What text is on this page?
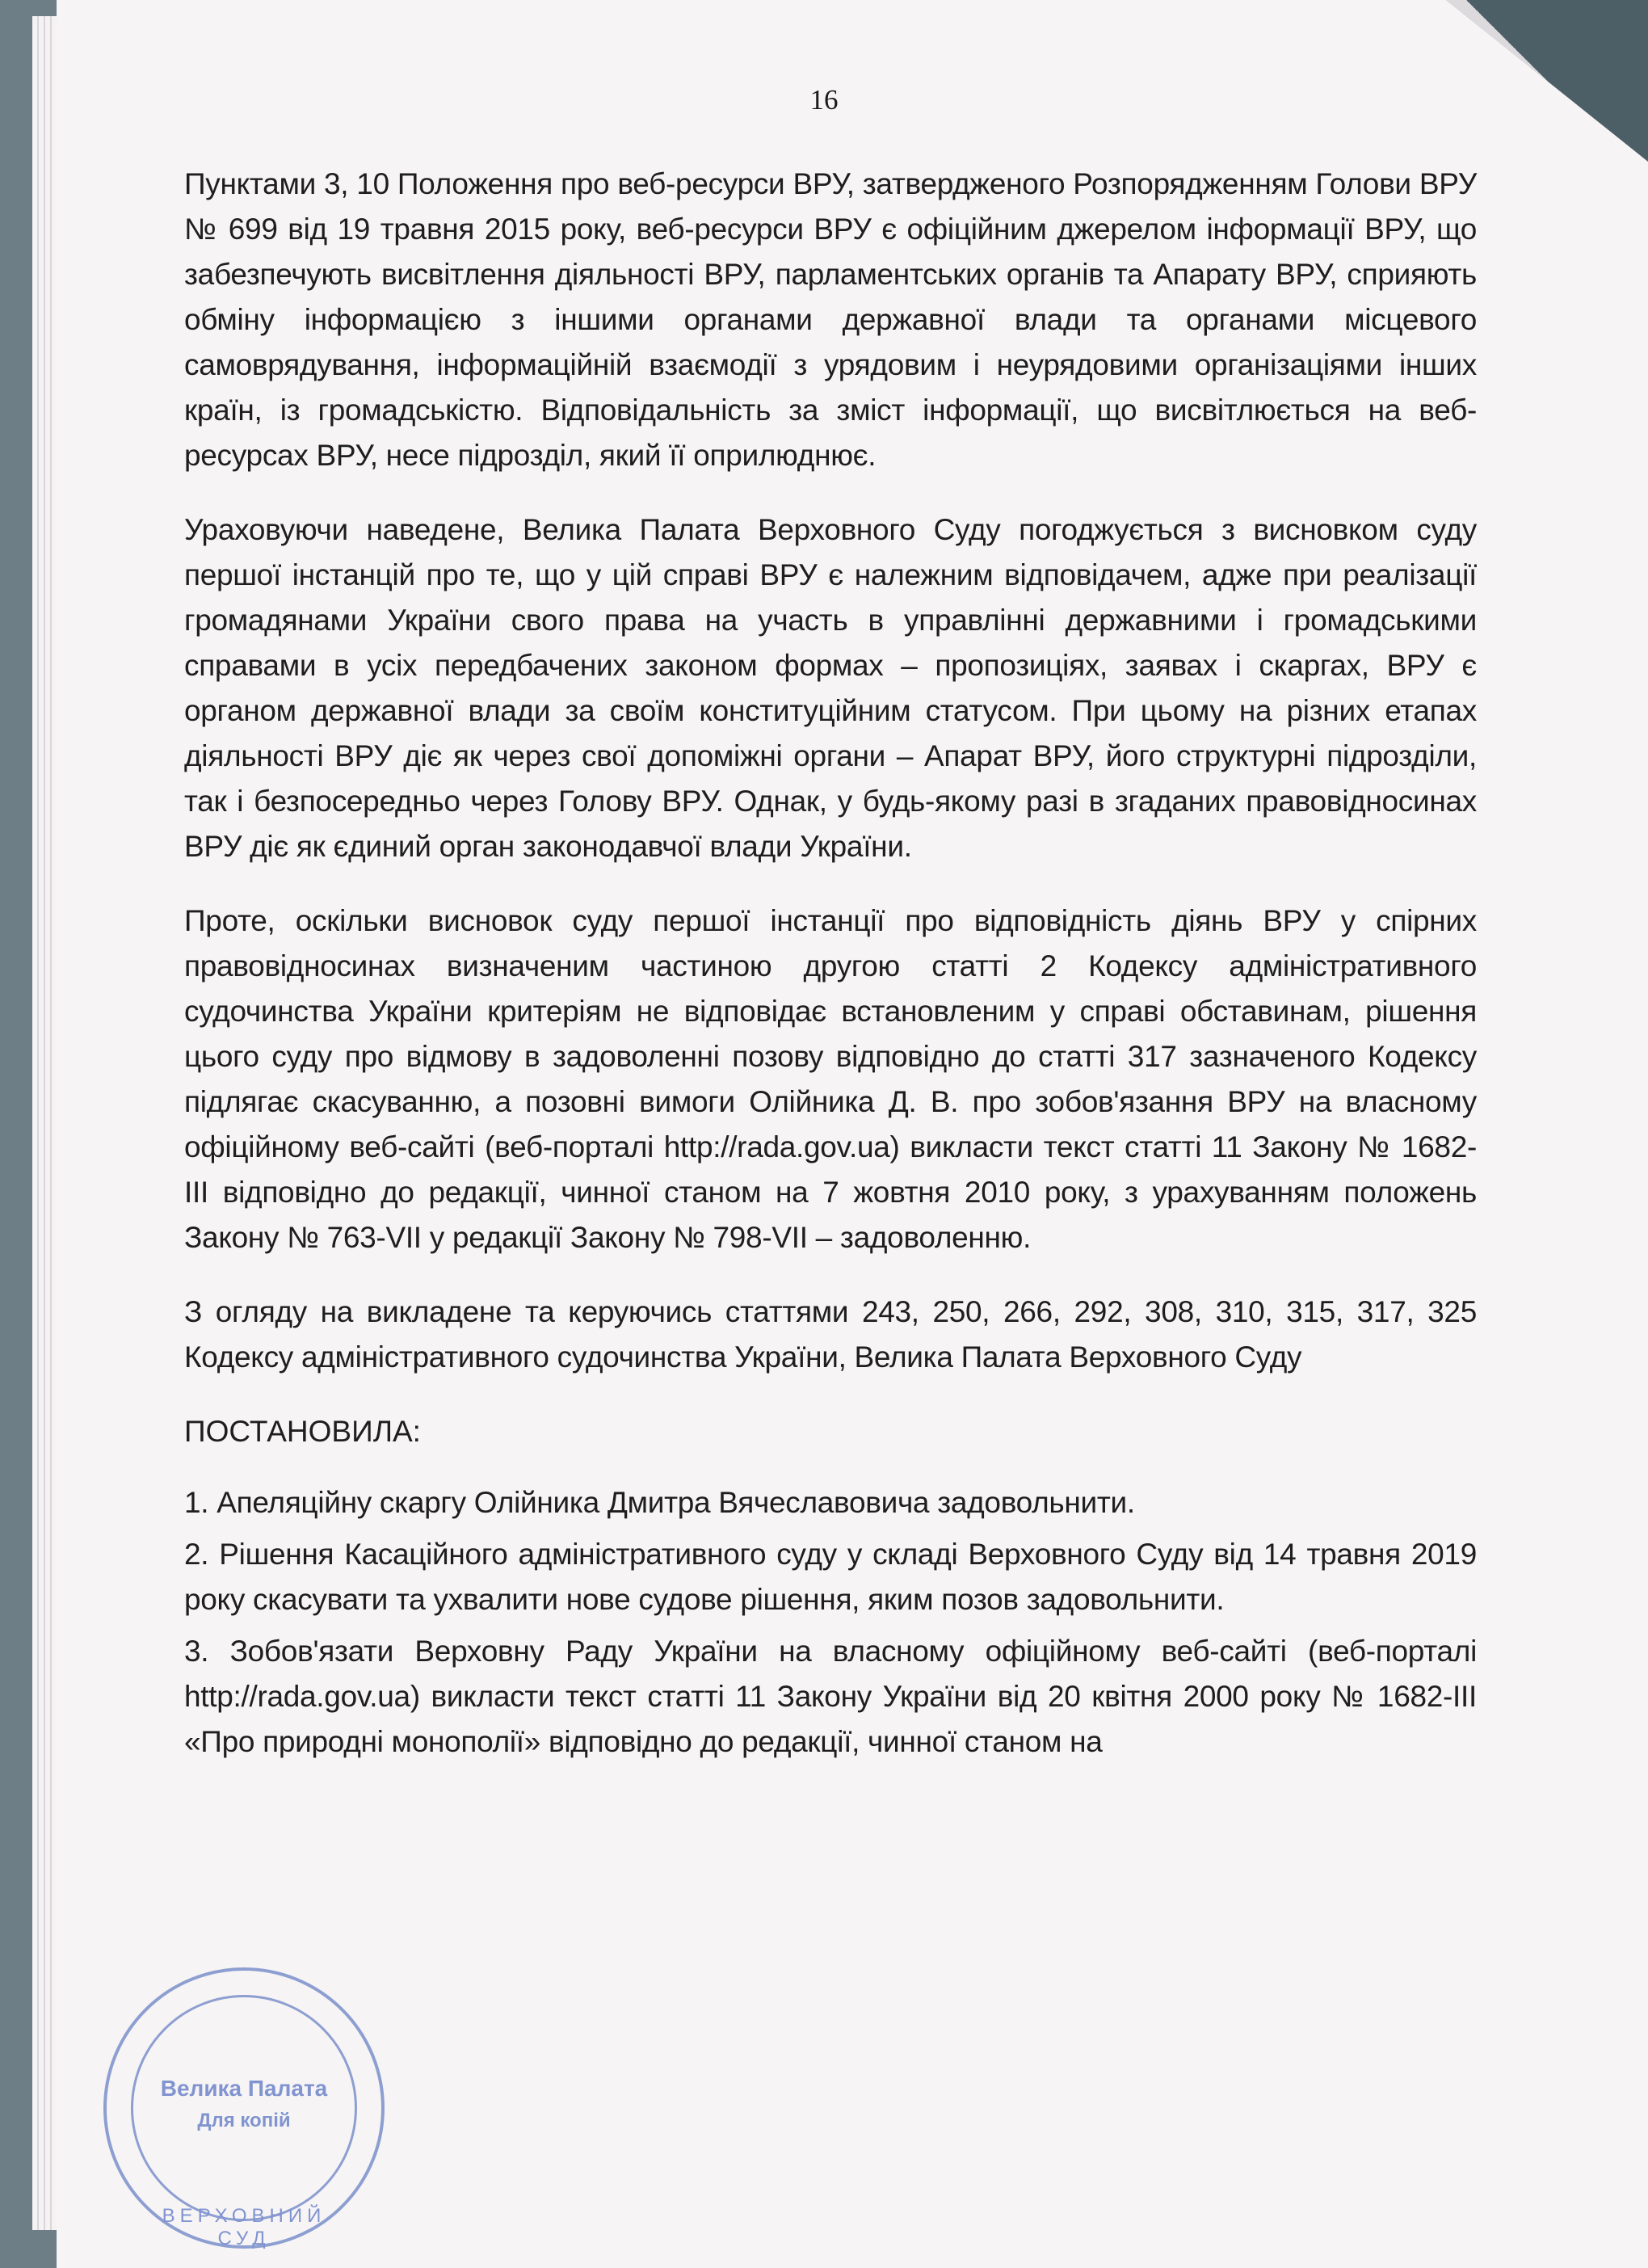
16

Пунктами 3, 10 Положення про веб-ресурси ВРУ, затвердженого Розпорядженням Голови ВРУ № 699 від 19 травня 2015 року, веб-ресурси ВРУ є офіційним джерелом інформації ВРУ, що забезпечують висвітлення діяльності ВРУ, парламентських органів та Апарату ВРУ, сприяють обміну інформацією з іншими органами державної влади та органами місцевого самоврядування, інформаційній взаємодії з урядовим і неурядовими організаціями інших країн, із громадськістю. Відповідальність за зміст інформації, що висвітлюється на веб-ресурсах ВРУ, несе підрозділ, який її оприлюднює.

Ураховуючи наведене, Велика Палата Верховного Суду погоджується з висновком суду першої інстанцій про те, що у цій справі ВРУ є належним відповідачем, адже при реалізації громадянами України свого права на участь в управлінні державними і громадськими справами в усіх передбачених законом формах – пропозиціях, заявах і скаргах, ВРУ є органом державної влади за своїм конституційним статусом. При цьому на різних етапах діяльності ВРУ діє як через свої допоміжні органи – Апарат ВРУ, його структурні підрозділи, так і безпосередньо через Голову ВРУ. Однак, у будь-якому разі в згаданих правовідносинах ВРУ діє як єдиний орган законодавчої влади України.

Проте, оскільки висновок суду першої інстанції про відповідність діянь ВРУ у спірних правовідносинах визначеним частиною другою статті 2 Кодексу адміністративного судочинства України критеріям не відповідає встановленим у справі обставинам, рішення цього суду про відмову в задоволенні позову відповідно до статті 317 зазначеного Кодексу підлягає скасуванню, а позовні вимоги Олійника Д. В. про зобов'язання ВРУ на власному офіційному веб-сайті (веб-порталі http://rada.gov.ua) викласти текст статті 11 Закону № 1682-ІІІ відповідно до редакції, чинної станом на 7 жовтня 2010 року, з урахуванням положень Закону № 763-VII у редакції Закону № 798-VII – задоволенню.

З огляду на викладене та керуючись статтями 243, 250, 266, 292, 308, 310, 315, 317, 325 Кодексу адміністративного судочинства України, Велика Палата Верховного Суду

ПОСТАНОВИЛА:

1. Апеляційну скаргу Олійника Дмитра Вячеславовича задовольнити.

2. Рішення Касаційного адміністративного суду у складі Верховного Суду від 14 травня 2019 року скасувати та ухвалити нове судове рішення, яким позов задовольнити.

3. Зобов'язати Верховну Раду України на власному офіційному веб-сайті (веб-порталі http://rada.gov.ua) викласти текст статті 11 Закону України від 20 квітня 2000 року № 1682-ІІІ «Про природні монополії» відповідно до редакції, чинної станом на

Велика Палата
Для копій
ВЕРХОВНИЙ СУД
